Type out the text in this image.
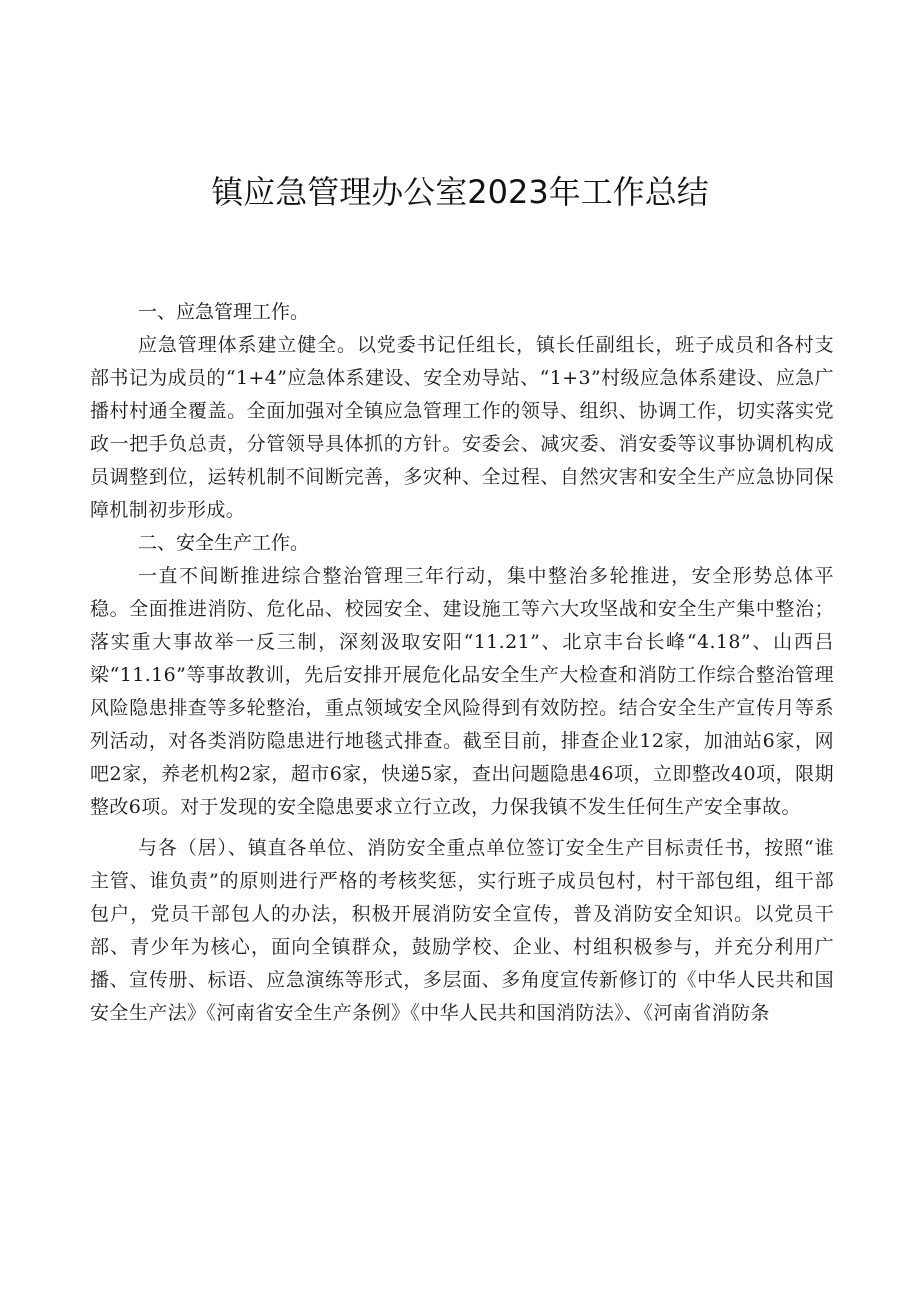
镇应急管理办公室2023年工作总结
一、应急管理工作。

应急管理体系建立健全。以党委书记任组长，镇长任副组长，班子成员和各村支部书记为成员的“1+4”应急体系建设、安全劝导站、“1+3”村级应急体系建设、应急广播村村通全覆盖。全面加强对全镇应急管理工作的领导、组织、协调工作，切实落实党政一把手负总责，分管领导具体抓的方针。安委会、减灾委、消安委等议事协调机构成员调整到位，运转机制不间断完善，多灾种、全过程、自然灾害和安全生产应急协同保障机制初步形成。

二、安全生产工作。

一直不间断推进综合整治管理三年行动，集中整治多轮推进，安全形势总体平稳。全面推进消防、危化品、校园安全、建设施工等六大攻坚战和安全生产集中整治；落实重大事故举一反三制，深刻汲取安阳“11.21”、北京丰台长峰“4.18”、山西吕梁“11.16”等事故教训，先后安排开展危化品安全生产大检查和消防工作综合整治管理风险隐患排查等多轮整治，重点领域安全风险得到有效防控。结合安全生产宣传月等系列活动，对各类消防隐患进行地毯式排查。截至目前，排查企业12家，加油站6家，网吧2家，养老机构2家，超市6家，快递5家，查出问题隐患46项，立即整改40项，限期整改6项。对于发现的安全隐患要求立行立改，力保我镇不发生任何生产安全事故。

与各（居）、镇直各单位、消防安全重点单位签订安全生产目标责任书，按照“谁主管、谁负责”的原则进行严格的考核奖惩，实行班子成员包村，村干部包组，组干部包户，党员干部包人的办法，积极开展消防安全宣传，普及消防安全知识。以党员干部、青少年为核心，面向全镇群众，鼓励学校、企业、村组积极参与，并充分利用广播、宣传册、标语、应急演练等形式，多层面、多角度宣传新修订的《中华人民共和国安全生产法》《河南省安全生产条例》《中华人民共和国消防法》、《河南省消防条
